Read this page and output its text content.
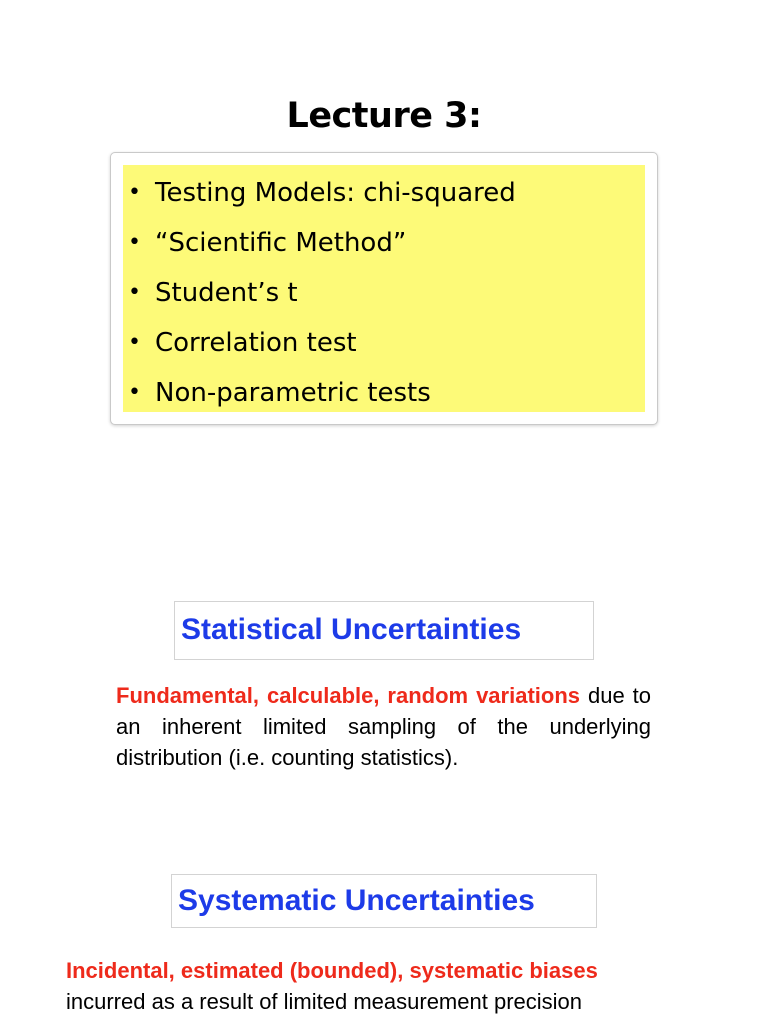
Lecture 3:
• Testing Models: chi-squared
• “Scientific Method”
• Student’s t
• Correlation test
• Non-parametric tests
Statistical Uncertainties
Fundamental, calculable, random variations due to an inherent limited sampling of the underlying distribution (i.e. counting statistics).
Systematic Uncertainties
Incidental, estimated (bounded), systematic biases
incurred as a result of limited measurement precision
